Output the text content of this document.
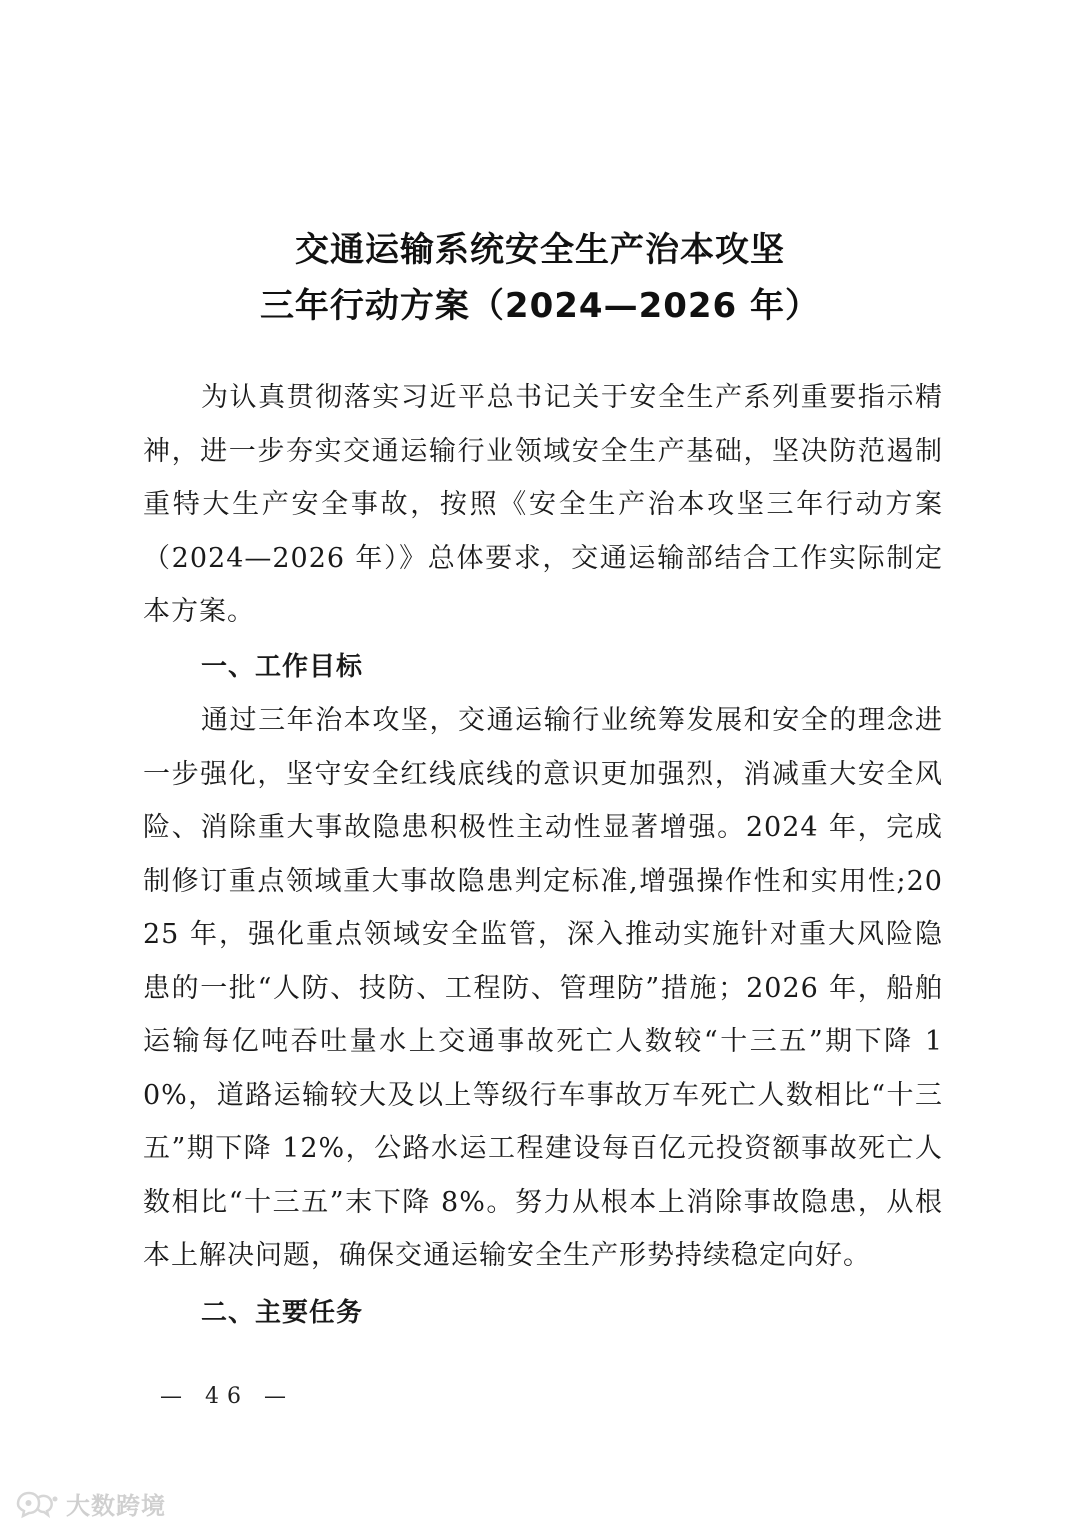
交通运输系统安全生产治本攻坚
三年行动方案（2024—2026 年）

为认真贯彻落实习近平总书记关于安全生产系列重要指示精神，进一步夯实交通运输行业领域安全生产基础，坚决防范遏制重特大生产安全事故，按照《安全生产治本攻坚三年行动方案（2024—2026 年）》总体要求，交通运输部结合工作实际制定本方案。

一、工作目标

通过三年治本攻坚，交通运输行业统筹发展和安全的理念进一步强化，坚守安全红线底线的意识更加强烈，消减重大安全风险、消除重大事故隐患积极性主动性显著增强。2024 年，完成制修订重点领域重大事故隐患判定标准,增强操作性和实用性;2025 年，强化重点领域安全监管，深入推动实施针对重大风险隐患的一批“人防、技防、工程防、管理防”措施；2026 年，船舶运输每亿吨吞吐量水上交通事故死亡人数较“十三五”期下降 10%，道路运输较大及以上等级行车事故万车死亡人数相比“十三五”期下降 12%，公路水运工程建设每百亿元投资额事故死亡人数相比“十三五”末下降 8%。努力从根本上消除事故隐患，从根本上解决问题，确保交通运输安全生产形势持续稳定向好。

二、主要任务

— 46 —
大数跨境
